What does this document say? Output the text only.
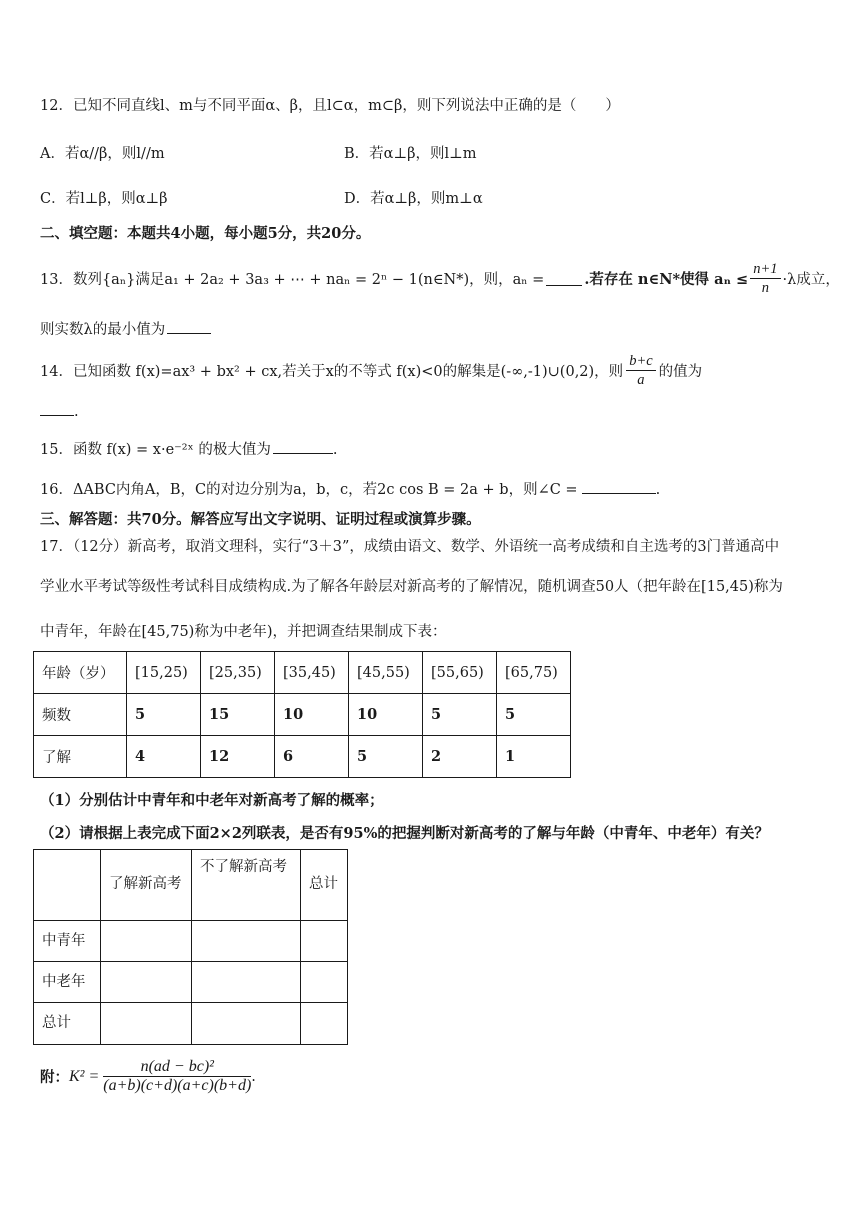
12．已知不同直线l、m与不同平面α、β，且l⊂α，m⊂β，则下列说法中正确的是（　　）
A．若α//β，则l//m	B．若α⊥β，则l⊥m
C．若l⊥β，则α⊥β	D．若α⊥β，则m⊥α
二、填空题：本题共4小题，每小题5分，共20分。
13．数列{aₙ}满足a₁ + 2a₂ + 3a₃ + ⋯ + naₙ = 2ⁿ − 1(n∈N*)，则，aₙ =	.若存在 n∈N*使得 $a_n \le \frac{n+1}{n} \cdot\lambda$成立，
则实数λ的最小值为
14．已知函数 f(x)=ax³ + bx² + cx,若关于x的不等式 f(x)<0的解集是(-∞,-1)∪(0,2)，则 $\frac{b+c}{a}$ 的值为
.
15．函数 f(x) = x·e⁻²ˣ 的极大值为	.
16．ΔABC内角A，B，C的对边分别为a，b，c，若2c cos B = 2a + b，则∠C =	.
三、解答题：共70分。解答应写出文字说明、证明过程或演算步骤。
17．（12分）新高考，取消文理科，实行“3＋3”，成绩由语文、数学、外语统一高考成绩和自主选考的3门普通高中
学业水平考试等级性考试科目成绩构成.为了解各年龄层对新高考的了解情况，随机调查50人（把年龄在[15,45)称为
中青年，年龄在[45,75)称为中老年)，并把调查结果制成下表：
年龄（岁）	[15,25)	[25,35)	[35,45)	[45,55)	[55,65)	[65,75)
频数	5	15	10	10	5	5
了解	4	12	6	5	2	1
（1）分别估计中青年和中老年对新高考了解的概率；
（2）请根据上表完成下面2×2列联表，是否有95%的把握判断对新高考的了解与年龄（中青年、中老年）有关？
	了解新高考	不了解新高考	总计
中青年			
中老年			
总计			
附： $K^2 = \frac{\text{n(ad − bc)²}}{(a+b)(c+d)(a+c)(b+d)}$ .
